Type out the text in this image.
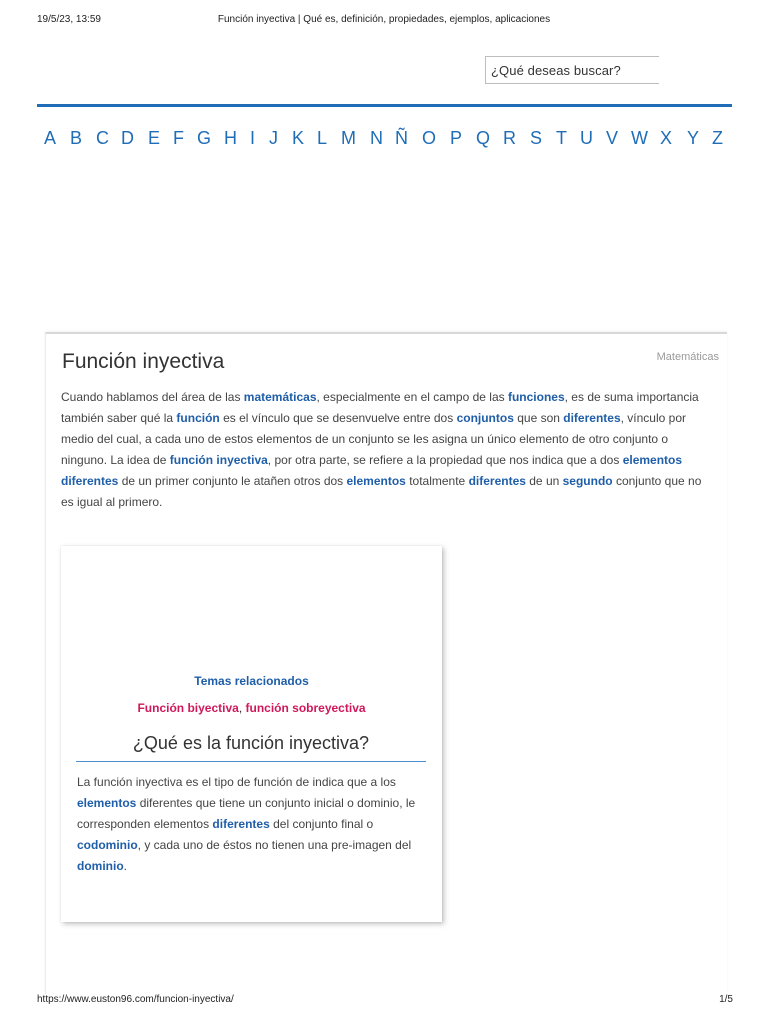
19/5/23, 13:59	Función inyectiva | Qué es, definición, propiedades, ejemplos, aplicaciones
¿Qué deseas buscar?
A B C D E F G H I J K L M N Ñ O P Q R S T U V W X Y Z
Función inyectiva	Matemáticas
Cuando hablamos del área de las matemáticas, especialmente en el campo de las funciones, es de suma importancia también saber qué la función es el vínculo que se desenvuelve entre dos conjuntos que son diferentes, vínculo por medio del cual, a cada uno de estos elementos de un conjunto se les asigna un único elemento de otro conjunto o ninguno. La idea de función inyectiva, por otra parte, se refiere a la propiedad que nos indica que a dos elementos diferentes de un primer conjunto le atañen otros dos elementos totalmente diferentes de un segundo conjunto que no es igual al primero.
Temas relacionados
Función biyectiva, función sobreyectiva
¿Qué es la función inyectiva?
La función inyectiva es el tipo de función de indica que a los elementos diferentes que tiene un conjunto inicial o dominio, le corresponden elementos diferentes del conjunto final o codominio, y cada uno de éstos no tienen una pre-imagen del dominio.
https://www.euston96.com/funcion-inyectiva/	1/5
